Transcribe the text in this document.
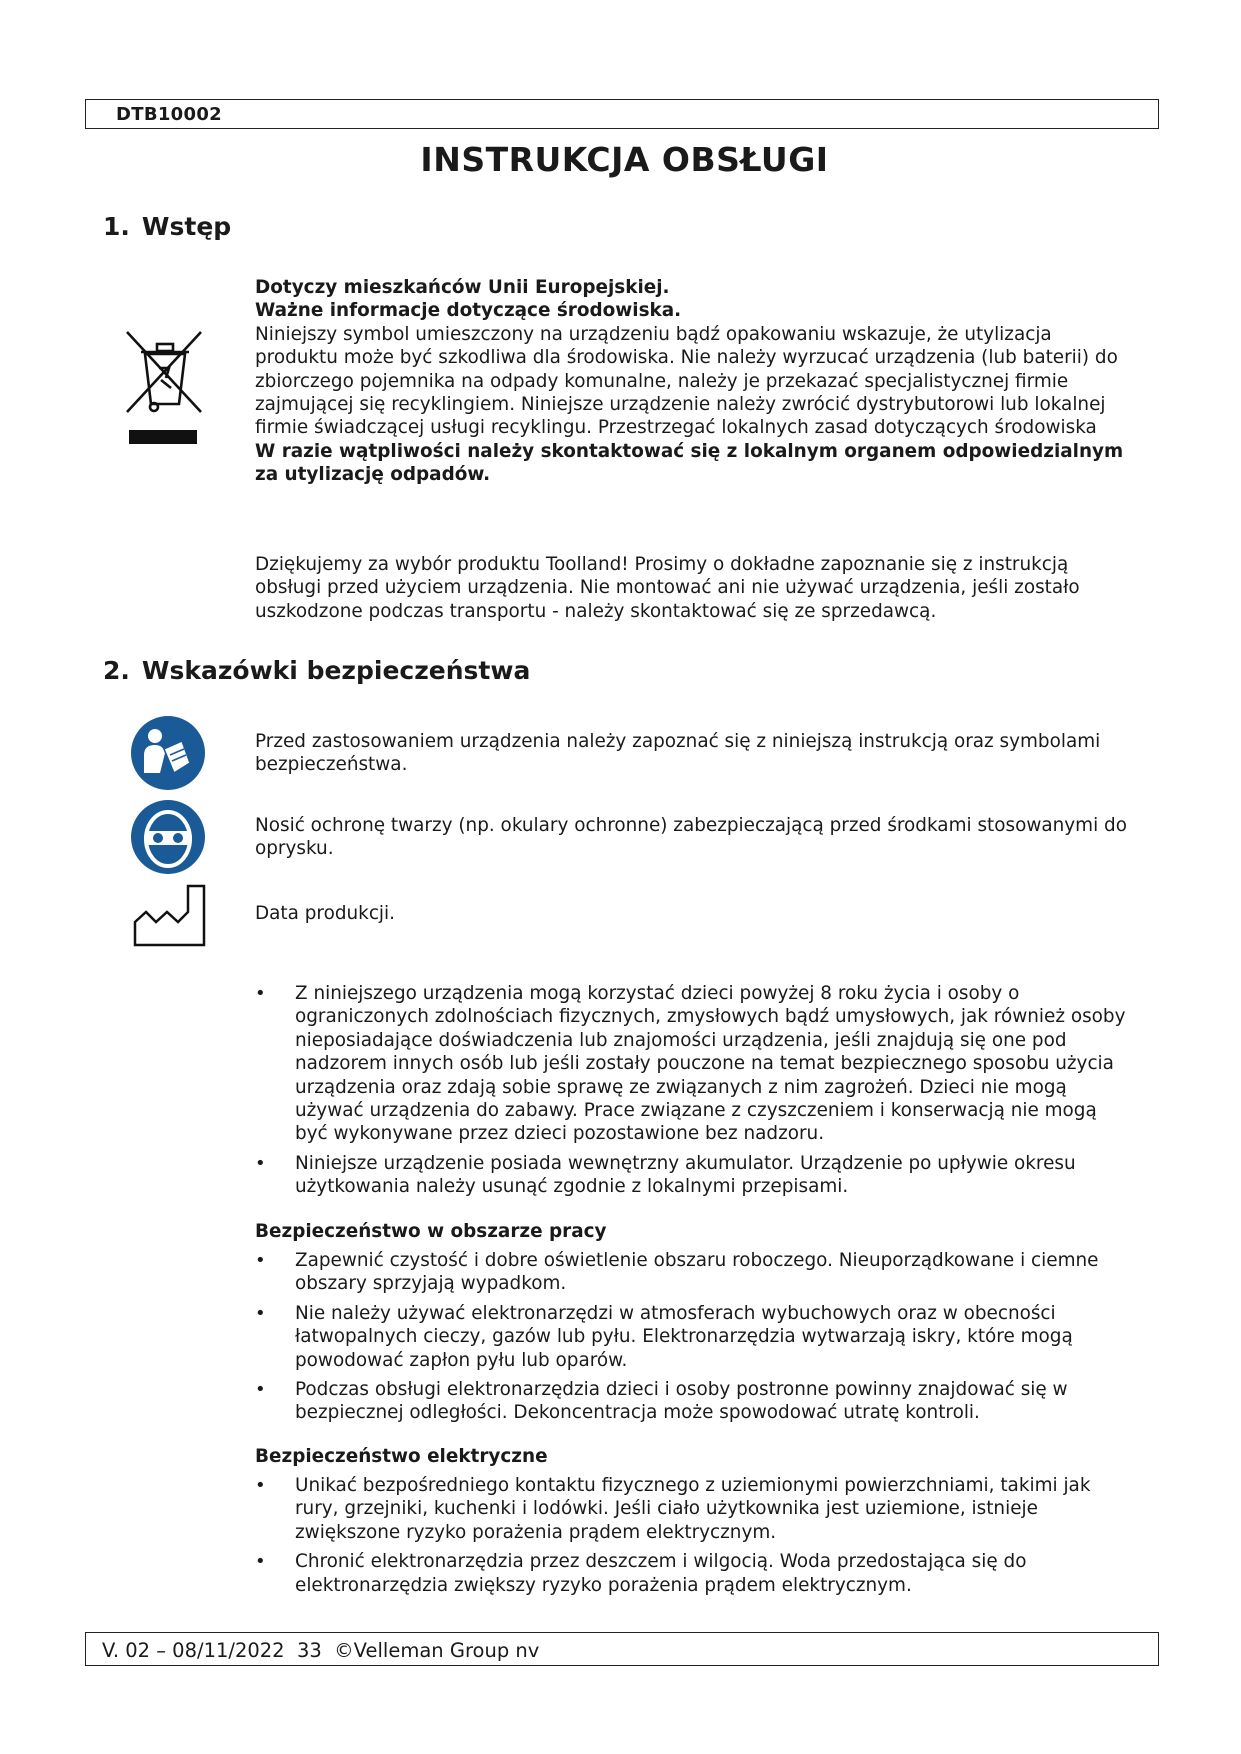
DTB10002
INSTRUKCJA OBSŁUGI
1. Wstęp

Dotyczy mieszkańców Unii Europejskiej.

Ważne informacje dotyczące środowiska.

Niniejszy symbol umieszczony na urządzeniu bądź opakowaniu wskazuje, że utylizacja produktu może być szkodliwa dla środowiska. Nie należy wyrzucać urządzenia (lub baterii) do zbiorczego pojemnika na odpady komunalne, należy je przekazać specjalistycznej firmie zajmującej się recyklingiem. Niniejsze urządzenie należy zwrócić dystrybutorowi lub lokalnej firmie świadczącej usługi recyklingu. Przestrzegać lokalnych zasad dotyczących środowiska

W razie wątpliwości należy skontaktować się z lokalnym organem odpowiedzialnym za utylizację odpadów.

Dziękujemy za wybór produktu Toolland! Prosimy o dokładne zapoznanie się z instrukcją obsługi przed użyciem urządzenia. Nie montować ani nie używać urządzenia, jeśli zostało uszkodzone podczas transportu - należy skontaktować się ze sprzedawcą.

2. Wskazówki bezpieczeństwa
Przed zastosowaniem urządzenia należy zapoznać się z niniejszą instrukcją oraz symbolami bezpieczeństwa.
Nosić ochronę twarzy (np. okulary ochronne) zabezpieczającą przed środkami stosowanymi do oprysku.
Data produkcji.
• Z niniejszego urządzenia mogą korzystać dzieci powyżej 8 roku życia i osoby o ograniczonych zdolnościach fizycznych, zmysłowych bądź umysłowych, jak również osoby nieposiadające doświadczenia lub znajomości urządzenia, jeśli znajdują się one pod nadzorem innych osób lub jeśli zostały pouczone na temat bezpiecznego sposobu użycia urządzenia oraz zdają sobie sprawę ze związanych z nim zagrożeń. Dzieci nie mogą używać urządzenia do zabawy. Prace związane z czyszczeniem i konserwacją nie mogą być wykonywane przez dzieci pozostawione bez nadzoru.
• Niniejsze urządzenie posiada wewnętrzny akumulator. Urządzenie po upływie okresu użytkowania należy usunąć zgodnie z lokalnymi przepisami.
Bezpieczeństwo w obszarze pracy
• Zapewnić czystość i dobre oświetlenie obszaru roboczego. Nieuporządkowane i ciemne obszary sprzyjają wypadkom.
• Nie należy używać elektronarzędzi w atmosferach wybuchowych oraz w obecności łatwopalnych cieczy, gazów lub pyłu. Elektronarzędzia wytwarzają iskry, które mogą powodować zapłon pyłu lub oparów.
• Podczas obsługi elektronarzędzia dzieci i osoby postronne powinny znajdować się w bezpiecznej odległości. Dekoncentracja może spowodować utratę kontroli.
Bezpieczeństwo elektryczne
• Unikać bezpośredniego kontaktu fizycznego z uziemionymi powierzchniami, takimi jak rury, grzejniki, kuchenki i lodówki. Jeśli ciało użytkownika jest uziemione, istnieje zwiększone ryzyko porażenia prądem elektrycznym.
• Chronić elektronarzędzia przez deszczem i wilgocią. Woda przedostająca się do elektronarzędzia zwiększy ryzyko porażenia prądem elektrycznym.
V. 02 – 08/11/2022  33  ©Velleman Group nv
